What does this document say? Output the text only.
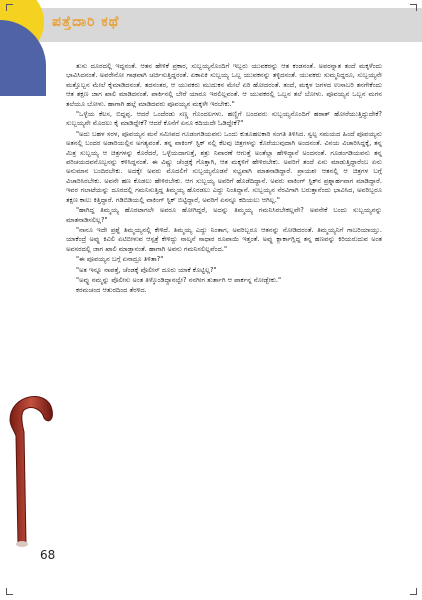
ಪತ್ತೆದಾರಿ ಕಥೆ

ತುಸು ದೂರದಲ್ಲಿ ಇದ್ದನಂತೆ. ಆತನ ಹೇಳಿಕೆ ಪ್ರಕಾರ, ಸುಬ್ಬಯ್ಯನೊಂದಿಗೆ ಇಬ್ಬರು ಯುವಕರನ್ನು ಆತ ಕಂಡನಂತೆ. ಅವರನ್ನಾತ ತಂದೆ ಮಕ್ಕಳೆಂದು ಭಾವಿಸಿದನಂತೆ. ಅವರೇನೋ ಗಾಢವಾಗಿ ಚರ್ಚಿಸುತ್ತಿದ್ದರಂತೆ. ಏಕಾಏಕಿ ಸುಬ್ಬಯ್ಯ ಒಬ್ಬ ಯುವಕನನ್ನು ತಳ್ಳಿದನಂತೆ. ಯುವಕರು ಸುಮ್ಮನಿದ್ದರೂ, ಸುಬ್ಬಯ್ಯನೇ ಮತ್ತೊಬ್ಬನ ಮೇಲೆ ಕೈಮಾಡಿದನಂತೆ. ತದನಂತರ, ಆ ಯುವಕರು ಮುದುಕನ ಮೇಲೆ ಏರಿ ಹೋದರಂತೆ. ತಂದೆ, ಮಕ್ಕಳ ಜಗಳದ ಉಸಾಬರಿ ತನಗೇಕೆಂದು ಆತ ತಕ್ಷಣ ಜಾಗ ಖಾಲಿ ಮಾಡಿದನಂತೆ. ಪಾರ್ಕಿನಲ್ಲಿ ಬೇರೆ ಯಾರೂ ಇರಲಿಲ್ಲವಂತೆ. ಆ ಯುವಕರಲ್ಲಿ ಒಬ್ಬನ ತಲೆ ಬೋಳು. ಪೂವಯ್ಯನ ಒಬ್ಬನ ಮಗನ ತಲೆಯೂ ಬೋಳು. ಹಾಗಾಗಿ ಹಲ್ಲೆ ಮಾಡಿದವರು ಪೂವಯ್ಯನ ಮಕ್ಕಳೇ ಇರಬೇಕು."

"ಒಳ್ಳೆಯ ಕೆಲಸ, ಬಿದ್ದಪ್ಪ. ಆದರೆ ಒಂದೆರಡು ಸಣ್ಣ ಗೊಂದಲಗಳು. ಹಣ್ಣಿಗೆ ಬಂದವರು ಸುಬ್ಬಯ್ಯನೊಂದಿಗೆ ಹಠಾತ್ ಹೋರೆಯುತ್ತಿದ್ದುದೇಕೆ? ಸುಬ್ಬಯ್ಯನೇ ಮೊದಲು ಕೈ ಮಾಡಿದ್ದೇಕೆ? ಆದರೆ ಕೊನೆಗೆ ಏನೂ ಕದಿಯದೇ ಓಡಿದ್ದೇಕೆ?"

"ಅದು ಬಹಳ ಸರಳ, ಪೂವಯ್ಯನ ಮನೆ ಸಮೀಪದ ಗೂಡಂಗಡಿಯವನು ಒಂದು ಕುತೂಹಲಕಾರಿ ಸಂಗತಿ ತಿಳಿಸಿದ. ಸ್ವಲ್ಪ ಸಮಯದ ಹಿಂದೆ ಪೂವಯ್ಯನು ಅತನಲ್ಲಿ ಬಂದರ ಅಡಾರಿಯಲ್ಲಿನ ಅಗತ್ಯವಂತೆ. ತನ್ನ ವಾಕಿಂಗ್ ಸ್ಟಿಕ್ ನಲ್ಲಿ ಕೆಲವು ಚಿತ್ರಗಳನ್ನು ಕೊರೆಯುವುದಾಗಿ ಅಂದನಂತೆ. ವಿನಯ ವಿಚಾರಿಸಿದ್ದಕ್ಕೆ, ತನ್ನ ಮಿತ್ರ ಸುಬ್ಬಯ್ಯ ಆ ಚಿತ್ರಗಳನ್ನು ಕೊರೆದರೆ, ಒಳ್ಳೆಯದಾಗುತ್ತೆ, ಶತ್ರು ನಿವಾರಣೆ ಆಗುತ್ತೆ ಅಂತೆಲ್ಲಾ ಹೇಳಿದ್ದಾನೆ ಅಂದನಂತೆ. ಗೂಡಂಗಡಿಯವನು ತನ್ನ ಪರಿಚಯದವನೊಬ್ಬನನ್ನು ಕಳಿಸಿದ್ದನಂತೆ. ಈ ವಿಷ್ಣು ಚೆಂಡ್ರಕ್ಕೆ ಗೊತ್ತಾಗಿ, ಆತ ಮಕ್ಕಳಿಗೆ ಹೇಳಿರಬೇಕು. ಅವರಿಗೆ ತಂದೆ ಏನು ಮಾಡುತ್ತಿದ್ದಾರೆಂಬ ಏನು ಅನುಮಾನ ಬಂದಿರಬೇಕು. ಅದಕ್ಕೇ ಅವರು ಮೊದಲಿಗೆ ಸುಬ್ಬಯ್ಯನೊಡನೆ ಸಭ್ಯವಾಗಿ ಮಾತನಾಡಿದ್ದಾರೆ. ಪ್ರಾಯಶಃ ಆತನಲ್ಲಿ ಆ ಚಿತ್ರಗಳ ಬಗ್ಗೆ ವಿಚಾರಿಸಿರಬೇಕು. ಅವನೇ ಹಣ ಕೊಡಲು ಹೇಳಿರಬೇಕು. ಆಗ ಸುಬ್ಬಯ್ಯ ಅವರಿಗೆ ಹೊಡೆದಿದ್ದಾನೆ. ಅವರು ವಾಕಿಂಗ್ ಸ್ಟಿಕ್‍ನ ಪ್ರಶ್ನಾರ್ಹವಾಗ ಮಾಡಿದ್ದಾರೆ. ಇವರ ಗಲಾಟೆಯನ್ನು ದೂರದಲ್ಲಿ ಗಮನಿಸುತ್ತಿದ್ದ ತಿಮ್ಮಯ್ಯ ಹೊರಡಲು ಎದ್ದು ನಿಂತಿದ್ದಾನೆ. ಸುಬ್ಬಯ್ಯನ ನೆರವಿಗಾಗಿ ಬರುತ್ತಾನೆಂದು ಭಾವಿಸಿದ, ಅವರಿಬ್ಬರೂ ತಕ್ಷಣ ಕಾಲು ಕಿತ್ತಿದ್ದಾರೆ. ಗಡಿಬಿಡಿಯಲ್ಲಿ ವಾಕಿಂಗ್ ಸ್ಟಿಕ್ ಬಿಟ್ಟಿದ್ದಾರೆ, ಅವರಿಗೆ ಏನನ್ನೂ ಕದಿಯಲು ಆಗಿಲ್ಲ."

"ಹಾಗಿದ್ದ ತಿಮ್ಮಯ್ಯ ಹೊರಟಾಗಲೇ ಅವರೂ ಹೋಗಿದ್ದರೆ, ಅದನ್ನು ತಿಮ್ಮಯ್ಯ ಗಮನಿಸಿರಬೇಕಲ್ಲವೇ? ಅವನೇಕೆ ಬಂದು ಸುಬ್ಬಯ್ಯನನ್ನು ಮಾತನಾಡಿಸಲಿಲ್ಲ?"

"ನಾನೂ ಇದೇ ಪ್ರಶ್ನೆ ತಿಮ್ಮಯ್ಯನಲ್ಲಿ ಕೇಳಿದೆ. ತಿಮ್ಮಯ್ಯ ಎದ್ದು ನಿಂತಾಗ, ಅವರಿಬ್ಬರೂ ಆತನನ್ನು ನೋಡಿದರಂತೆ. ತಿಮ್ಮಯ್ಯನಿಗೆ ಗಾಬರಿಯಾಯ್ತು. ಯಾಕೆಂದ್ರೆ ಅವ್ನು ಕಿವಿಲಿ ಏಟಿಬೀಳುವ ಆಸ್ಪತ್ರೆ ಕೇಳಿದ್ದು ನಾಲ್ಕನೆ ಸಾಧಾರ ರೂಪಾಯಿ ಇತ್ತಂತೆ. ಅವ್ನು ಕ್ಲಾರ್ಕಾಗ್ಲಿದ್ದ ತನ್ನ ಹಣವನ್ನು ಕಿರಿಯರುದುವ ಅಂತ ಅವಸರದಲ್ಲಿ ಜಾಗ ಖಾಲಿ ಮಾಡ್ತಾನಂತೆ. ಹಾಗಾಗಿ ಅವನು ಗಮನಿಸಲಿಲ್ಲವೆಂದ."

"ಈ ಪೂವಯ್ಯನ ಬಗ್ಗೆ ಏನಾದ್ರೂ ತಿಳಿತಾ?"

"ಅತ ಇನ್ನೂ ನಾಪತ್ತೆ, ಚೆಂಡಕ್ಕೆ ಪೊಲೀಸ್ ದೂರು ಯಾಕೆ ಕೊಟ್ಟಿಲ್ಲ?"

"ಅವ್ನು ನಮ್ಮನ್ನು ಪೊಲೀಸು ಅಂತ ತಿಳ್ಕೊಂಡಿದ್ದಾನಲ್ವೇ? ನನಗೀಗ ತುರ್ತಾಗಿ ಆ ಪಾರ್ಕನ್ನ ನೋಡ್ಬೇಕು."

ಕರಮಚಂದ ಆತುರದಿಂದ ತೆರಳಿದ.

68
